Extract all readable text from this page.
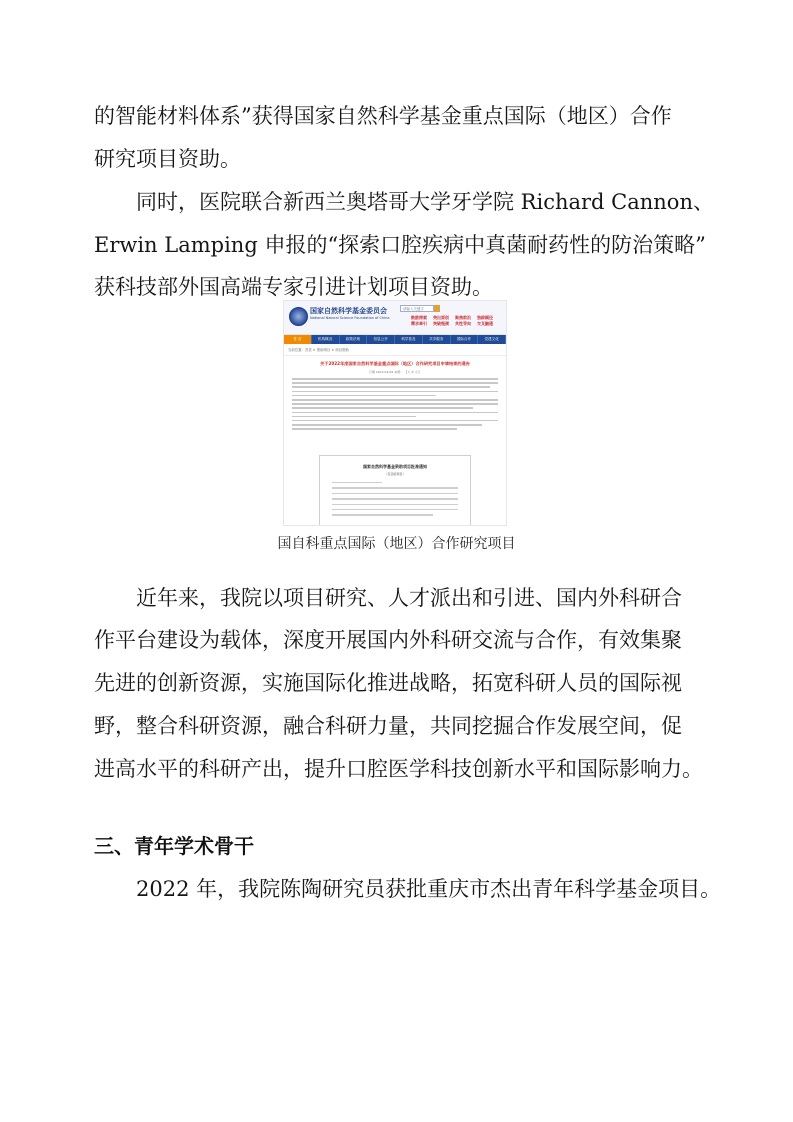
的智能材料体系”获得国家自然科学基金重点国际（地区）合作
研究项目资助。
同时，医院联合新西兰奥塔哥大学牙学院 Richard Cannon、
Erwin Lamping 申报的“探索口腔疾病中真菌耐药性的防治策略”
获科技部外国高端专家引进计划项目资助。
国家自然科学基金委员会
National Natural Science Foundation of China
请输入关键字
鼓励探索 突出原创 聚焦前沿 独辟蹊径
需求牵引 突破瓶颈 共性导向 交叉融通
首 页	机构概况	政策法规	信息公开	科学普及	共享服务	国际合作	党建文化
当前位置：首页 > 资助项目 > 项目资助
关于2022年度国家自然科学基金重点国际（地区）合作研究项目申请结果的通告
日期 2022-09-09 来源： 【大 中 小】
国家自然科学基金资助项目批准通知
（签章版项目）
国自科重点国际（地区）合作研究项目
近年来，我院以项目研究、人才派出和引进、国内外科研合
作平台建设为载体，深度开展国内外科研交流与合作，有效集聚
先进的创新资源，实施国际化推进战略，拓宽科研人员的国际视
野，整合科研资源，融合科研力量，共同挖掘合作发展空间，促
进高水平的科研产出，提升口腔医学科技创新水平和国际影响力。
三、青年学术骨干
2022 年，我院陈陶研究员获批重庆市杰出青年科学基金项目。
